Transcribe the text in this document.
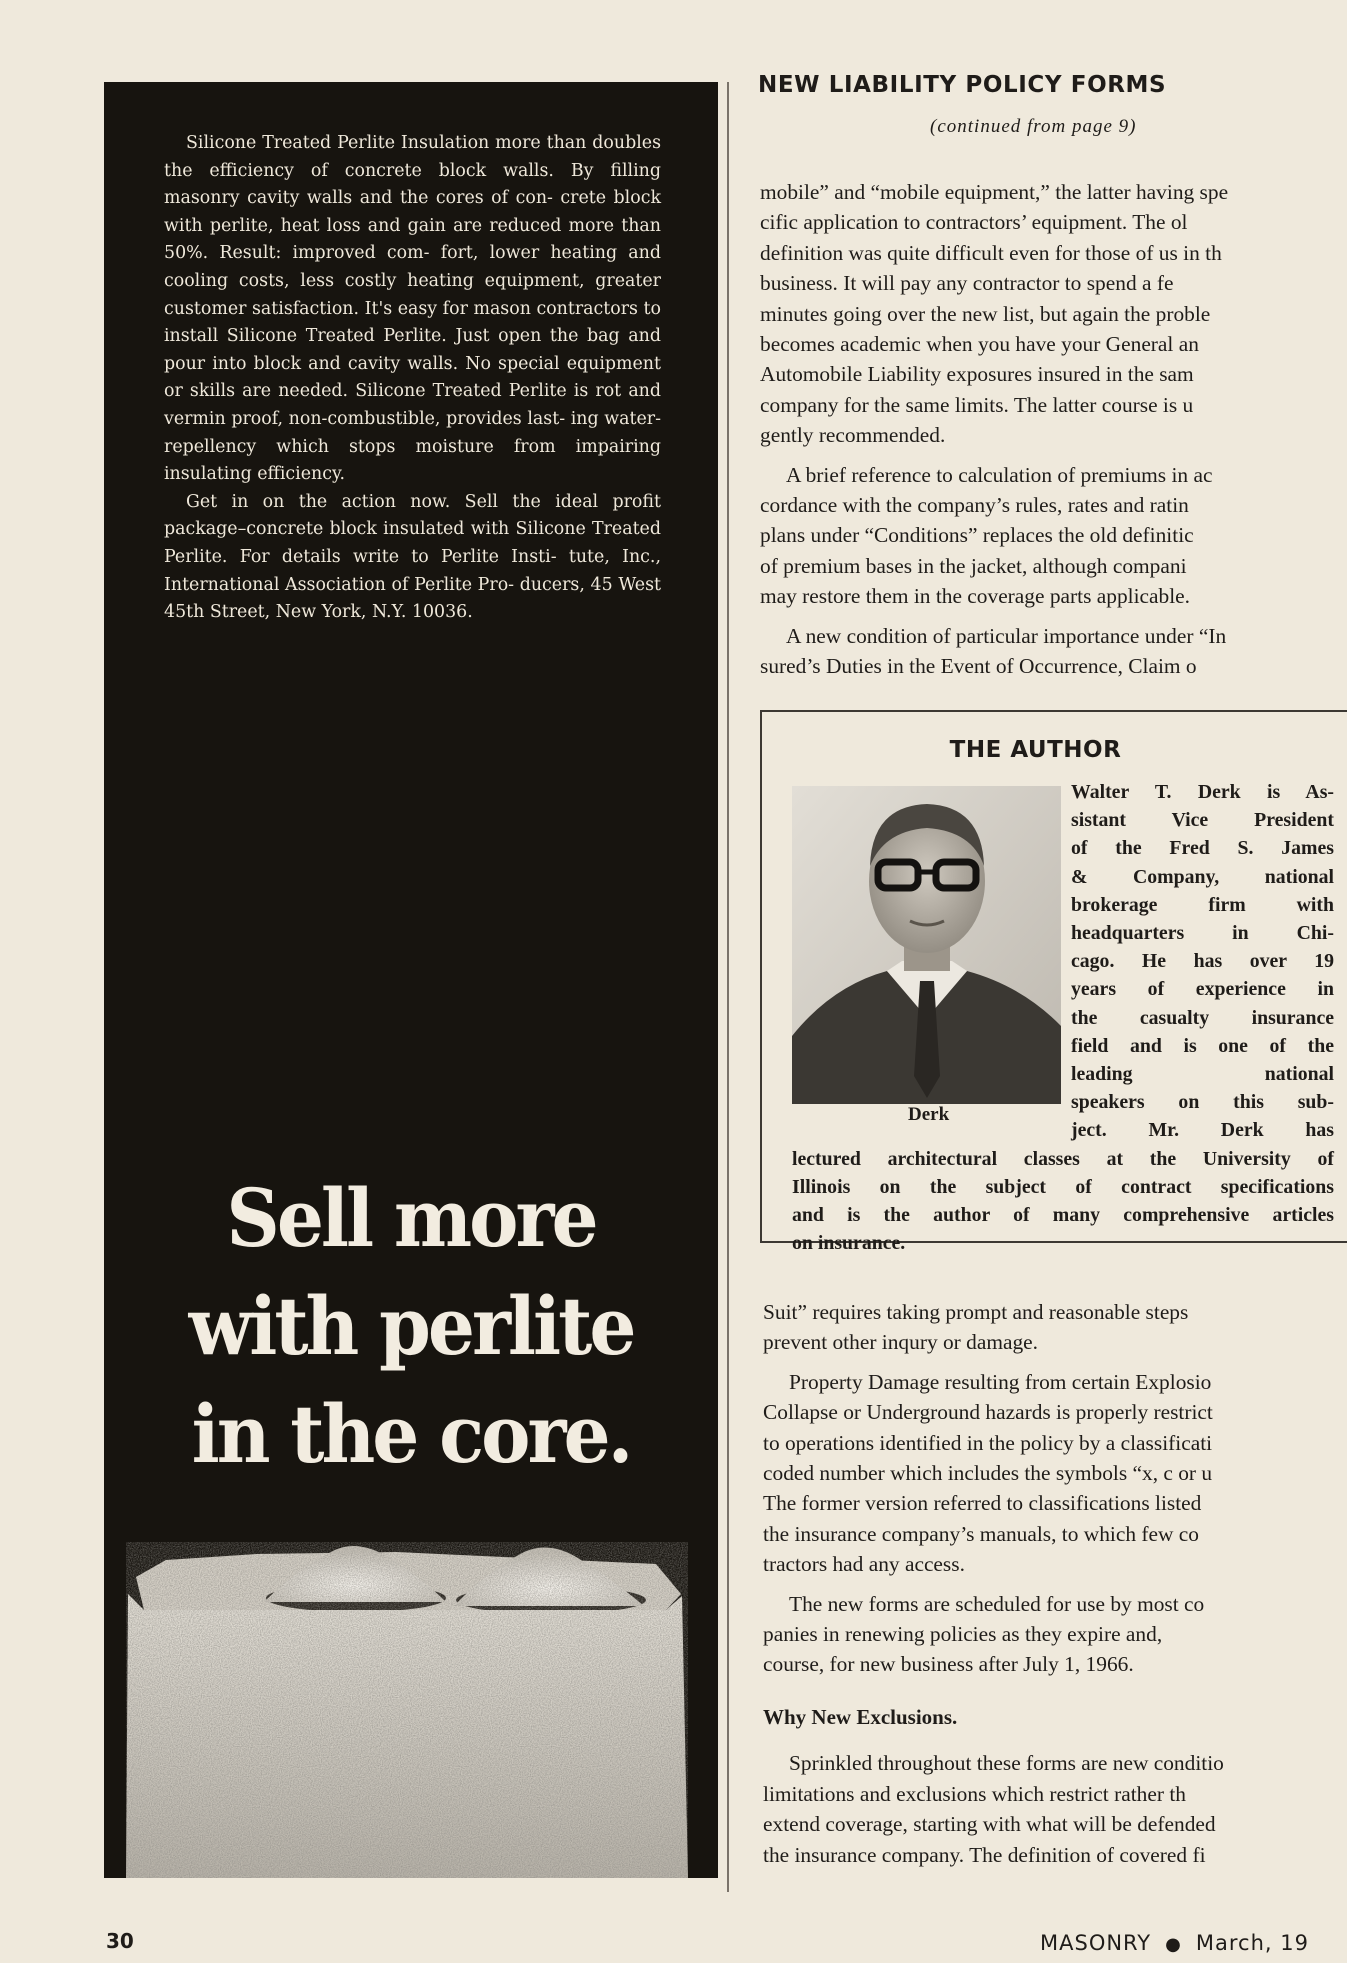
Silicone Treated Perlite Insulation more than doubles the efficiency of concrete block walls. By filling masonry cavity walls and the cores of con- crete block with perlite, heat loss and gain are reduced more than 50%. Result: improved com- fort, lower heating and cooling costs, less costly heating equipment, greater customer satisfaction. It's easy for mason contractors to install Silicone Treated Perlite. Just open the bag and pour into block and cavity walls. No special equipment or skills are needed. Silicone Treated Perlite is rot and vermin proof, non-combustible, provides last- ing water-repellency which stops moisture from impairing insulating efficiency.

Get in on the action now. Sell the ideal profit package–concrete block insulated with Silicone Treated Perlite. For details write to Perlite Insti- tute, Inc., International Association of Perlite Pro- ducers, 45 West 45th Street, New York, N.Y. 10036.

Sell more
with perlite
in the core.
NEW LIABILITY POLICY FORMS
(continued from page 9)

mobile” and “mobile equipment,” the latter having spe
cific application to contractors’ equipment. The ol
definition was quite difficult even for those of us in th
business. It will pay any contractor to spend a fe
minutes going over the new list, but again the proble
becomes academic when you have your General an
Automobile Liability exposures insured in the sam
company for the same limits. The latter course is u
gently recommended.

A brief reference to calculation of premiums in ac
cordance with the company’s rules, rates and ratin
plans under “Conditions” replaces the old definitic
of premium bases in the jacket, although compani
may restore them in the coverage parts applicable.

A new condition of particular importance under “In
sured’s Duties in the Event of Occurrence, Claim o

THE AUTHOR
Derk
Walter T. Derk is As-
sistant Vice President
of the Fred S. James
& Company, national
brokerage firm with
headquarters in Chi-
cago. He has over 19
years of experience in
the casualty insurance
field and is one of the
leading national
speakers on this sub-
ject. Mr. Derk has
lectured architectural classes at the University of
Illinois on the subject of contract specifications
and is the author of many comprehensive articles
on insurance.

Suit” requires taking prompt and reasonable steps
prevent other inqury or damage.

Property Damage resulting from certain Explosio
Collapse or Underground hazards is properly restrict
to operations identified in the policy by a classificati
coded number which includes the symbols “x, c or u
The former version referred to classifications listed
the insurance company’s manuals, to which few co
tractors had any access.

The new forms are scheduled for use by most co
panies in renewing policies as they expire and,
course, for new business after July 1, 1966.

Why New Exclusions.

Sprinkled throughout these forms are new conditio
limitations and exclusions which restrict rather th
extend coverage, starting with what will be defended
the insurance company. The definition of covered fi

30	MASONRY ● March, 19
